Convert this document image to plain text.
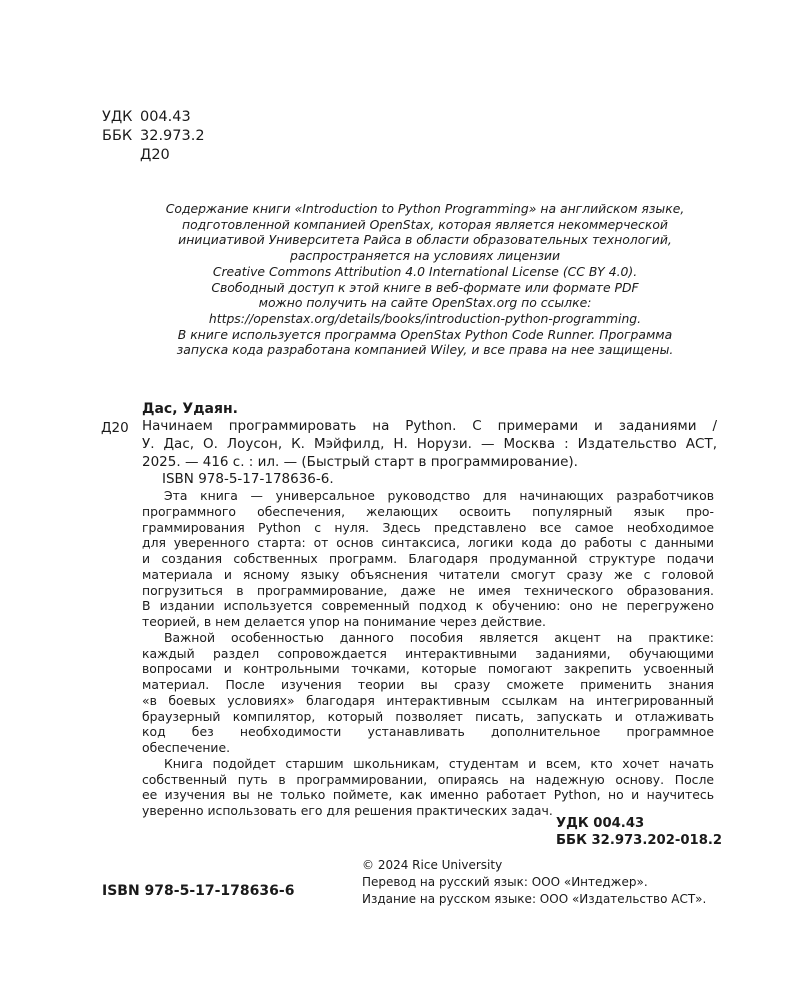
УДК 004.43
ББК 32.973.2
Д20
Содержание книги «Introduction to Python Programming» на английском языке,
подготовленной компанией OpenStax, которая является некоммерческой
инициативой Университета Райса в области образовательных технологий,
распространяется на условиях лицензии
Creative Commons Attribution 4.0 International License (CC BY 4.0).
Свободный доступ к этой книге в веб-формате или формате PDF
можно получить на сайте OpenStax.org по ссылке:
https://openstax.org/details/books/introduction-python-programming.
В книге используется программа OpenStax Python Code Runner. Программа
запуска кода разработана компанией Wiley, и все права на нее защищены.
Дас, Удаян.
Д20 Начинаем программировать на Python. С примерами и заданиями /
У. Дас, О. Лоусон, К. Мэйфилд, Н. Норузи. — Москва : Издательство АСТ,
2025. — 416 с. : ил. — (Быстрый старт в программирование).
ISBN 978-5-17-178636-6.
Эта книга — универсальное руководство для начинающих разработчиков
программного обеспечения, желающих освоить популярный язык про-
граммирования Python с нуля. Здесь представлено все самое необходимое
для уверенного старта: от основ синтаксиса, логики кода до работы с данными
и создания собственных программ. Благодаря продуманной структуре подачи
материала и ясному языку объяснения читатели смогут сразу же с головой
погрузиться в программирование, даже не имея технического образования.
В издании используется современный подход к обучению: оно не перегружено
теорией, в нем делается упор на понимание через действие.
Важной особенностью данного пособия является акцент на практике:
каждый раздел сопровождается интерактивными заданиями, обучающими
вопросами и контрольными точками, которые помогают закрепить усвоенный
материал. После изучения теории вы сразу сможете применить знания
«в боевых условиях» благодаря интерактивным ссылкам на интегрированный
браузерный компилятор, который позволяет писать, запускать и отлаживать
код без необходимости устанавливать дополнительное программное
обеспечение.
Книга подойдет старшим школьникам, студентам и всем, кто хочет начать
собственный путь в программировании, опираясь на надежную основу. После
ее изучения вы не только поймете, как именно работает Python, но и научитесь
уверенно использовать его для решения практических задач.
УДК 004.43
ББК 32.973.202-018.2
© 2024 Rice University
Перевод на русский язык: ООО «Интеджер».
Издание на русском языке: ООО «Издательство АСТ».
ISBN 978-5-17-178636-6
